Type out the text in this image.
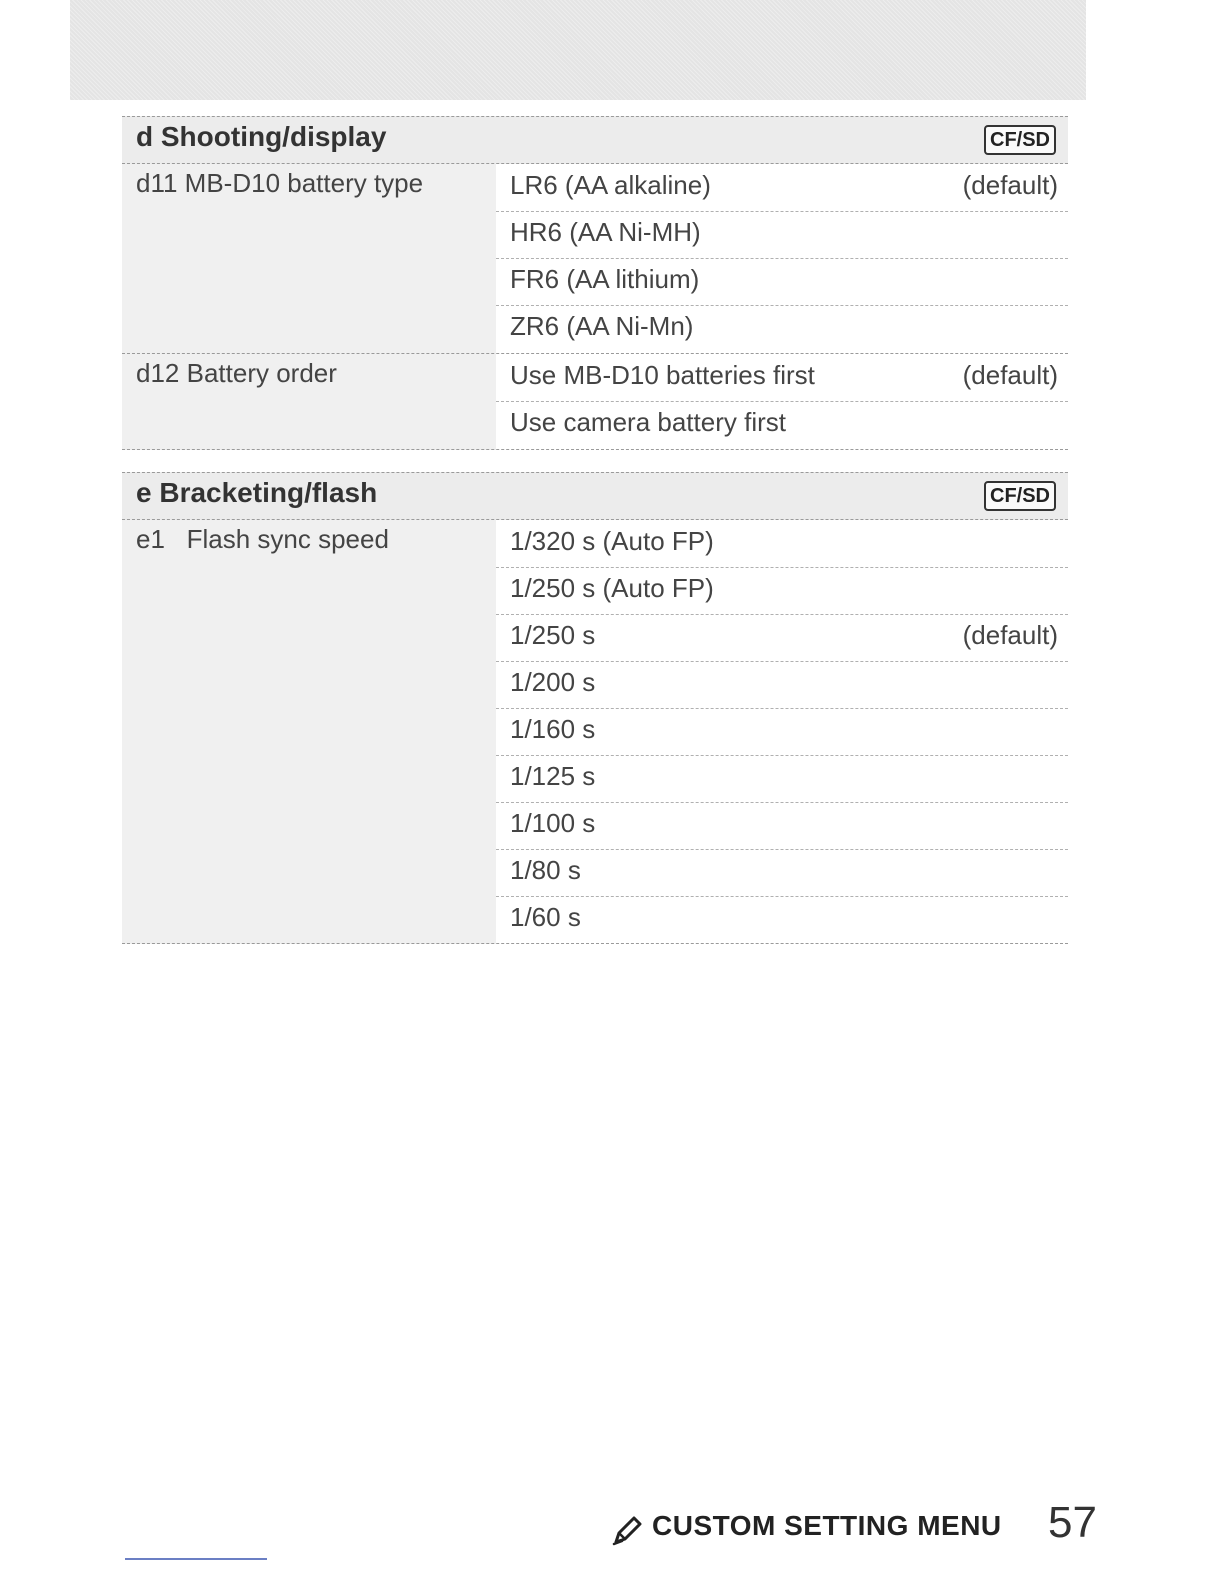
d Shooting/display	CF/SD
d11 MB-D10 battery type	LR6 (AA alkaline)	(default)
HR6 (AA Ni-MH)
FR6 (AA lithium)
ZR6 (AA Ni-Mn)
d12 Battery order	Use MB-D10 batteries first	(default)
Use camera battery first
e Bracketing/flash	CF/SD
e1   Flash sync speed	1/320 s (Auto FP)
1/250 s (Auto FP)
1/250 s	(default)
1/200 s
1/160 s
1/125 s
1/100 s
1/80 s
1/60 s
CUSTOM SETTING MENU 57
